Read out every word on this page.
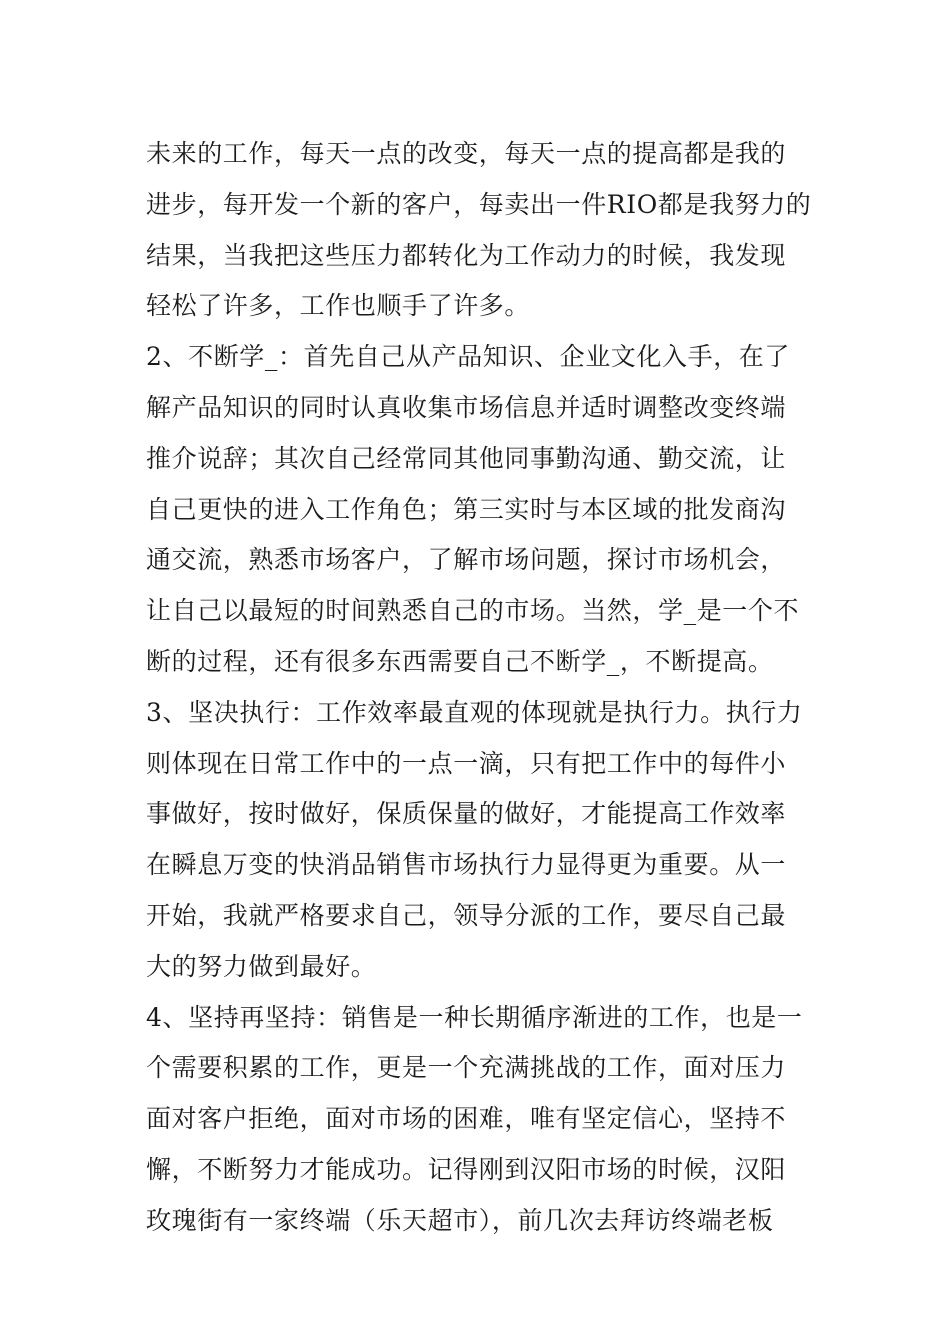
未来的工作，每天一点的改变，每天一点的提高都是我的
进步，每开发一个新的客户，每卖出一件RIO都是我努力的
结果，当我把这些压力都转化为工作动力的时候，我发现
轻松了许多，工作也顺手了许多。
2、不断学_：首先自己从产品知识、企业文化入手，在了
解产品知识的同时认真收集市场信息并适时调整改变终端
推介说辞；其次自己经常同其他同事勤沟通、勤交流，让
自己更快的进入工作角色；第三实时与本区域的批发商沟
通交流，熟悉市场客户，了解市场问题，探讨市场机会，
让自己以最短的时间熟悉自己的市场。当然，学_是一个不
断的过程，还有很多东西需要自己不断学_，不断提高。
3、坚决执行：工作效率最直观的体现就是执行力。执行力
则体现在日常工作中的一点一滴，只有把工作中的每件小
事做好，按时做好，保质保量的做好，才能提高工作效率
在瞬息万变的快消品销售市场执行力显得更为重要。从一
开始，我就严格要求自己，领导分派的工作，要尽自己最
大的努力做到最好。
4、坚持再坚持：销售是一种长期循序渐进的工作，也是一
个需要积累的工作，更是一个充满挑战的工作，面对压力
面对客户拒绝，面对市场的困难，唯有坚定信心，坚持不
懈，不断努力才能成功。记得刚到汉阳市场的时候，汉阳
玫瑰街有一家终端（乐天超市），前几次去拜访终端老板
